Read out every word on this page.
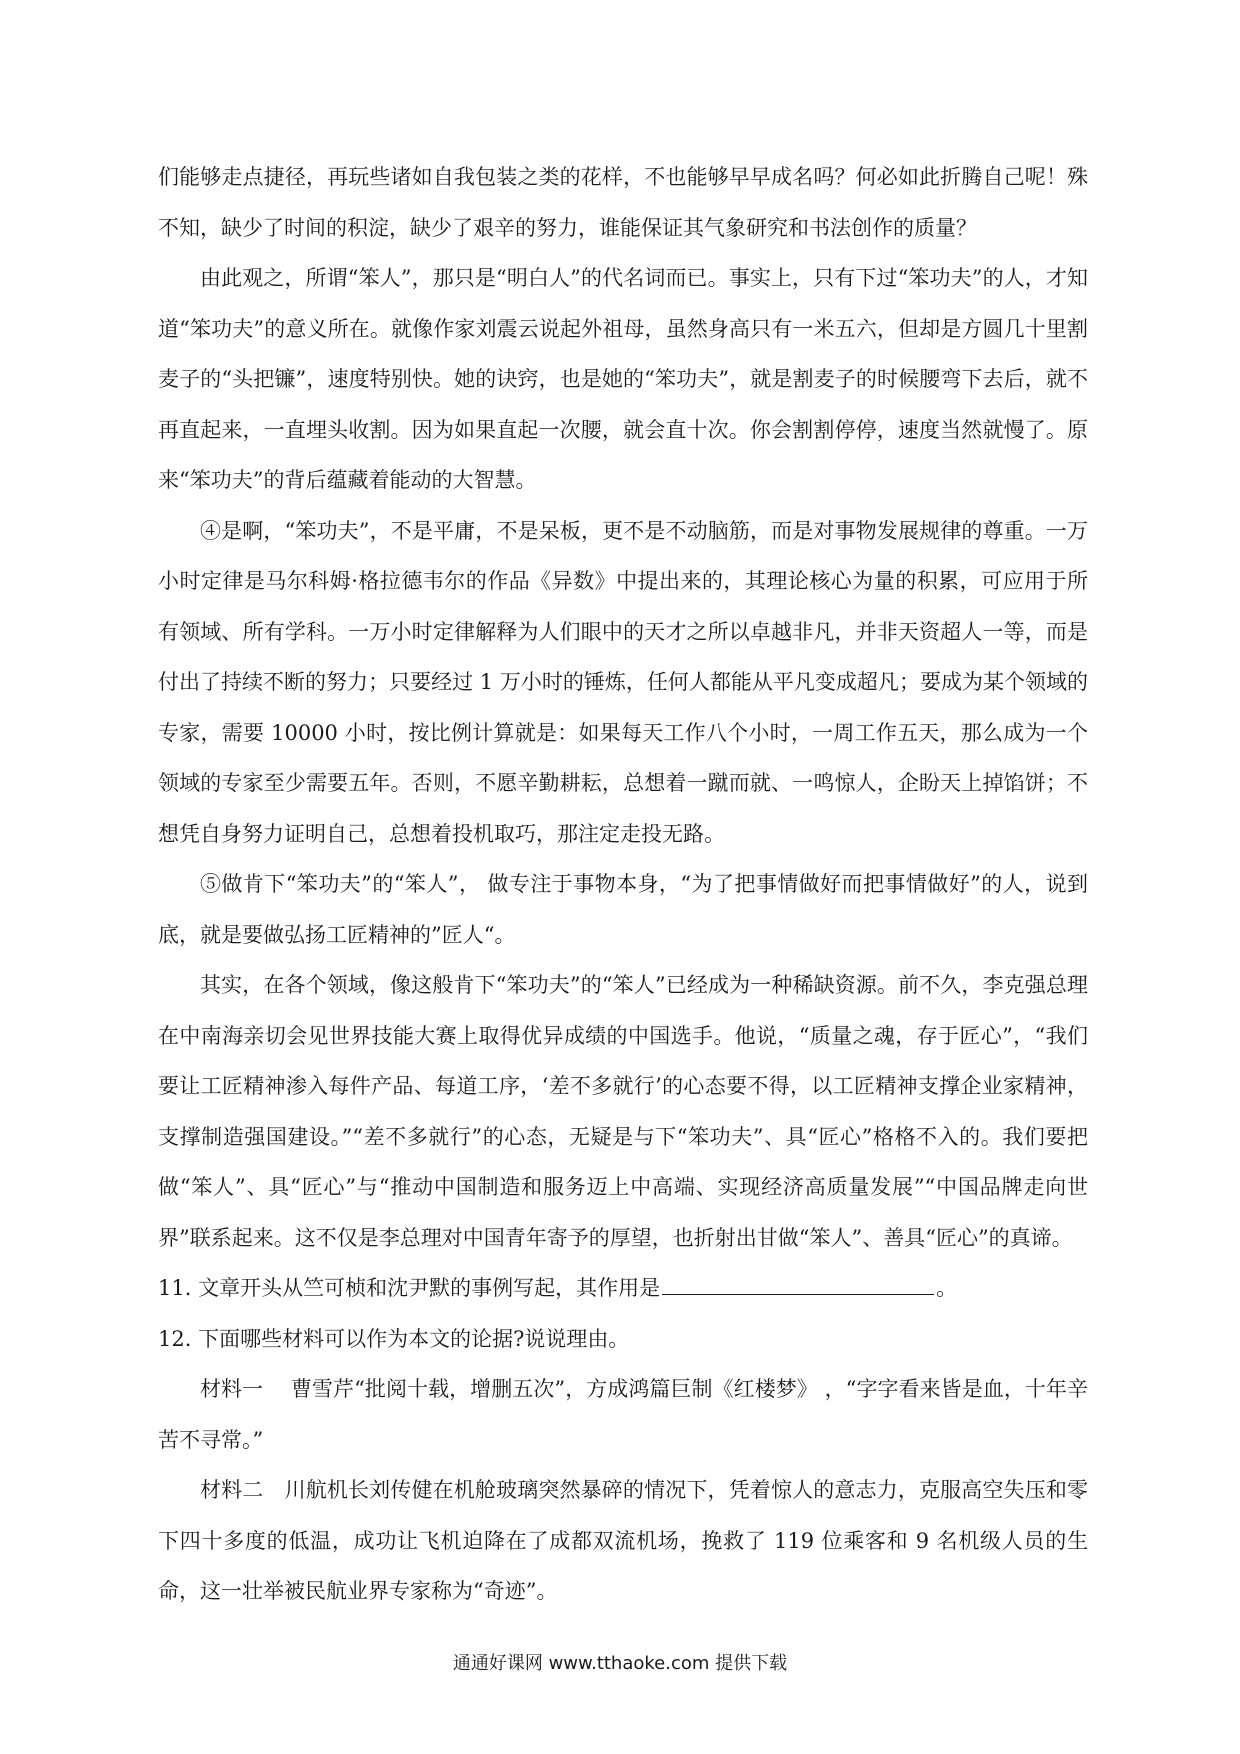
们能够走点捷径，再玩些诸如自我包装之类的花样，不也能够早早成名吗？何必如此折腾自己呢！殊不知，缺少了时间的积淀，缺少了艰辛的努力，谁能保证其气象研究和书法创作的质量？

由此观之，所谓“笨人”，那只是“明白人”的代名词而已。事实上，只有下过“笨功夫”的人，才知道“笨功夫”的意义所在。就像作家刘震云说起外祖母，虽然身高只有一米五六，但却是方圆几十里割麦子的“头把镰”，速度特别快。她的诀窍，也是她的“笨功夫”，就是割麦子的时候腰弯下去后，就不再直起来，一直埋头收割。因为如果直起一次腰，就会直十次。你会割割停停，速度当然就慢了。原来“笨功夫”的背后蕴藏着能动的大智慧。

④是啊，“笨功夫”，不是平庸，不是呆板，更不是不动脑筋，而是对事物发展规律的尊重。一万小时定律是马尔科姆·格拉德韦尔的作品《异数》中提出来的，其理论核心为量的积累，可应用于所有领域、所有学科。一万小时定律解释为人们眼中的天才之所以卓越非凡，并非天资超人一等，而是付出了持续不断的努力；只要经过 1 万小时的锤炼，任何人都能从平凡变成超凡；要成为某个领域的专家，需要 10000 小时，按比例计算就是：如果每天工作八个小时，一周工作五天，那么成为一个领域的专家至少需要五年。否则，不愿辛勤耕耘，总想着一蹴而就、一鸣惊人，企盼天上掉馅饼；不想凭自身努力证明自己，总想着投机取巧，那注定走投无路。

⑤做肯下“笨功夫”的“笨人”， 做专注于事物本身，“为了把事情做好而把事情做好”的人，说到底，就是要做弘扬工匠精神的”匠人“。

其实，在各个领域，像这般肯下“笨功夫”的“笨人”已经成为一种稀缺资源。前不久，李克强总理在中南海亲切会见世界技能大赛上取得优异成绩的中国选手。他说，“质量之魂，存于匠心”，“我们要让工匠精神渗入每件产品、每道工序，‘差不多就行’的心态要不得，以工匠精神支撑企业家精神，支撑制造强国建设。”“差不多就行”的心态，无疑是与下“笨功夫”、具“匠心”格格不入的。我们要把做“笨人”、具“匠心”与“推动中国制造和服务迈上中高端、实现经济高质量发展”“中国品牌走向世界”联系起来。这不仅是李总理对中国青年寄予的厚望，也折射出甘做“笨人”、善具“匠心”的真谛。

11. 文章开头从竺可桢和沈尹默的事例写起，其作用是	。

12. 下面哪些材料可以作为本文的论据?说说理由。

材料一　 曹雪芹“批阅十载，增删五次”，方成鸿篇巨制《红楼梦》 ，“字字看来皆是血，十年辛苦不寻常。”

材料二　川航机长刘传健在机舱玻璃突然暴碎的情况下，凭着惊人的意志力，克服高空失压和零下四十多度的低温，成功让飞机迫降在了成都双流机场，挽救了 119 位乘客和 9 名机级人员的生命，这一壮举被民航业界专家称为“奇迹”。

通通好课网 www.tthaoke.com 提供下载
